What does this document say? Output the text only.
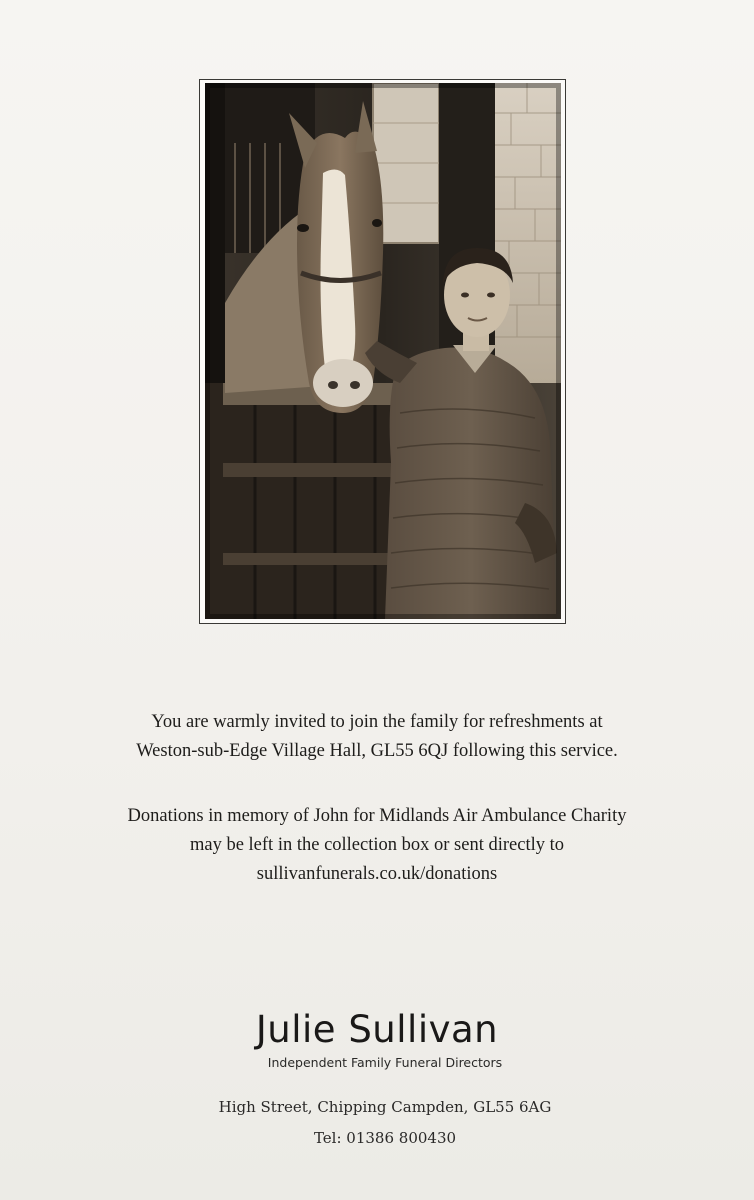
You are warmly invited to join the family for refreshments at
Weston-sub-Edge Village Hall, GL55 6QJ following this service.
Donations in memory of John for Midlands Air Ambulance Charity
may be left in the collection box or sent directly to
sullivanfunerals.co.uk/donations
Julie Sullivan
Independent Family Funeral Directors
High Street, Chipping Campden, GL55 6AG
Tel: 01386 800430
